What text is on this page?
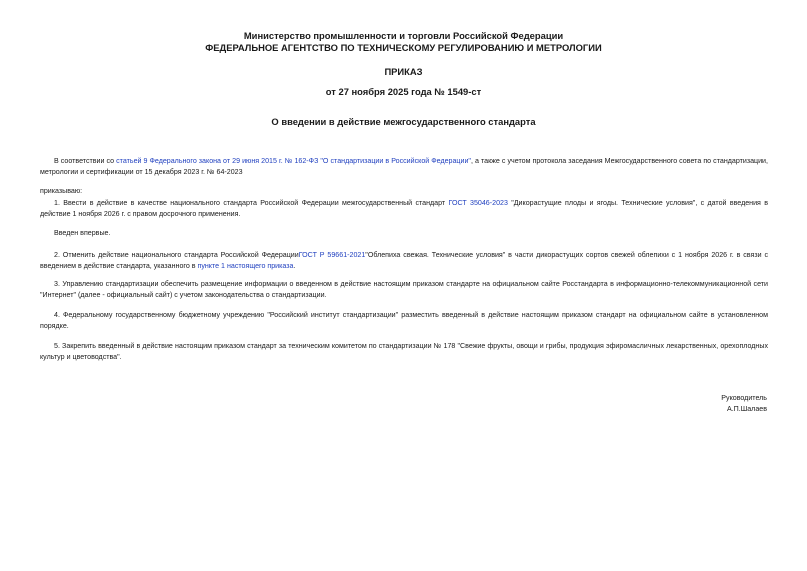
Министерство промышленности и торговли Российской Федерации
ФЕДЕРАЛЬНОЕ АГЕНТСТВО ПО ТЕХНИЧЕСКОМУ РЕГУЛИРОВАНИЮ И МЕТРОЛОГИИ
ПРИКАЗ
от 27 ноября 2025 года № 1549-ст
О введении в действие межгосударственного стандарта
В соответствии со статьей 9 Федерального закона от 29 июня 2015 г. № 162-ФЗ "О стандартизации в Российской Федерации", а также с учетом протокола заседания Межгосударственного совета по стандартизации, метрологии и сертификации от 15 декабря 2023 г. № 64-2023
приказываю:
1. Ввести в действие в качестве национального стандарта Российской Федерации межгосударственный стандарт ГОСТ 35046-2023 "Дикорастущие плоды и ягоды. Технические условия", с датой введения в действие 1 ноября 2026 г. с правом досрочного применения.
Введен впервые.
2. Отменить действие национального стандарта Российской ФедерацииГОСТ Р 59661-2021"Облепиха свежая. Технические условия" в части дикорастущих сортов свежей облепихи с 1 ноября 2026 г. в связи с введением в действие стандарта, указанного в пункте 1 настоящего приказа.
3. Управлению стандартизации обеспечить размещение информации о введенном в действие настоящим приказом стандарте на официальном сайте Росстандарта в информационно-телекоммуникационной сети "Интернет" (далее - официальный сайт) с учетом законодательства о стандартизации.
4. Федеральному государственному бюджетному учреждению "Российский институт стандартизации" разместить введенный в действие настоящим приказом стандарт на официальном сайте в установленном порядке.
5. Закрепить введенный в действие настоящим приказом стандарт за техническим комитетом по стандартизации № 178 "Свежие фрукты, овощи и грибы, продукция эфиромасличных лекарственных, орехоплодных культур и цветоводства".
Руководитель
А.П.Шалаев
